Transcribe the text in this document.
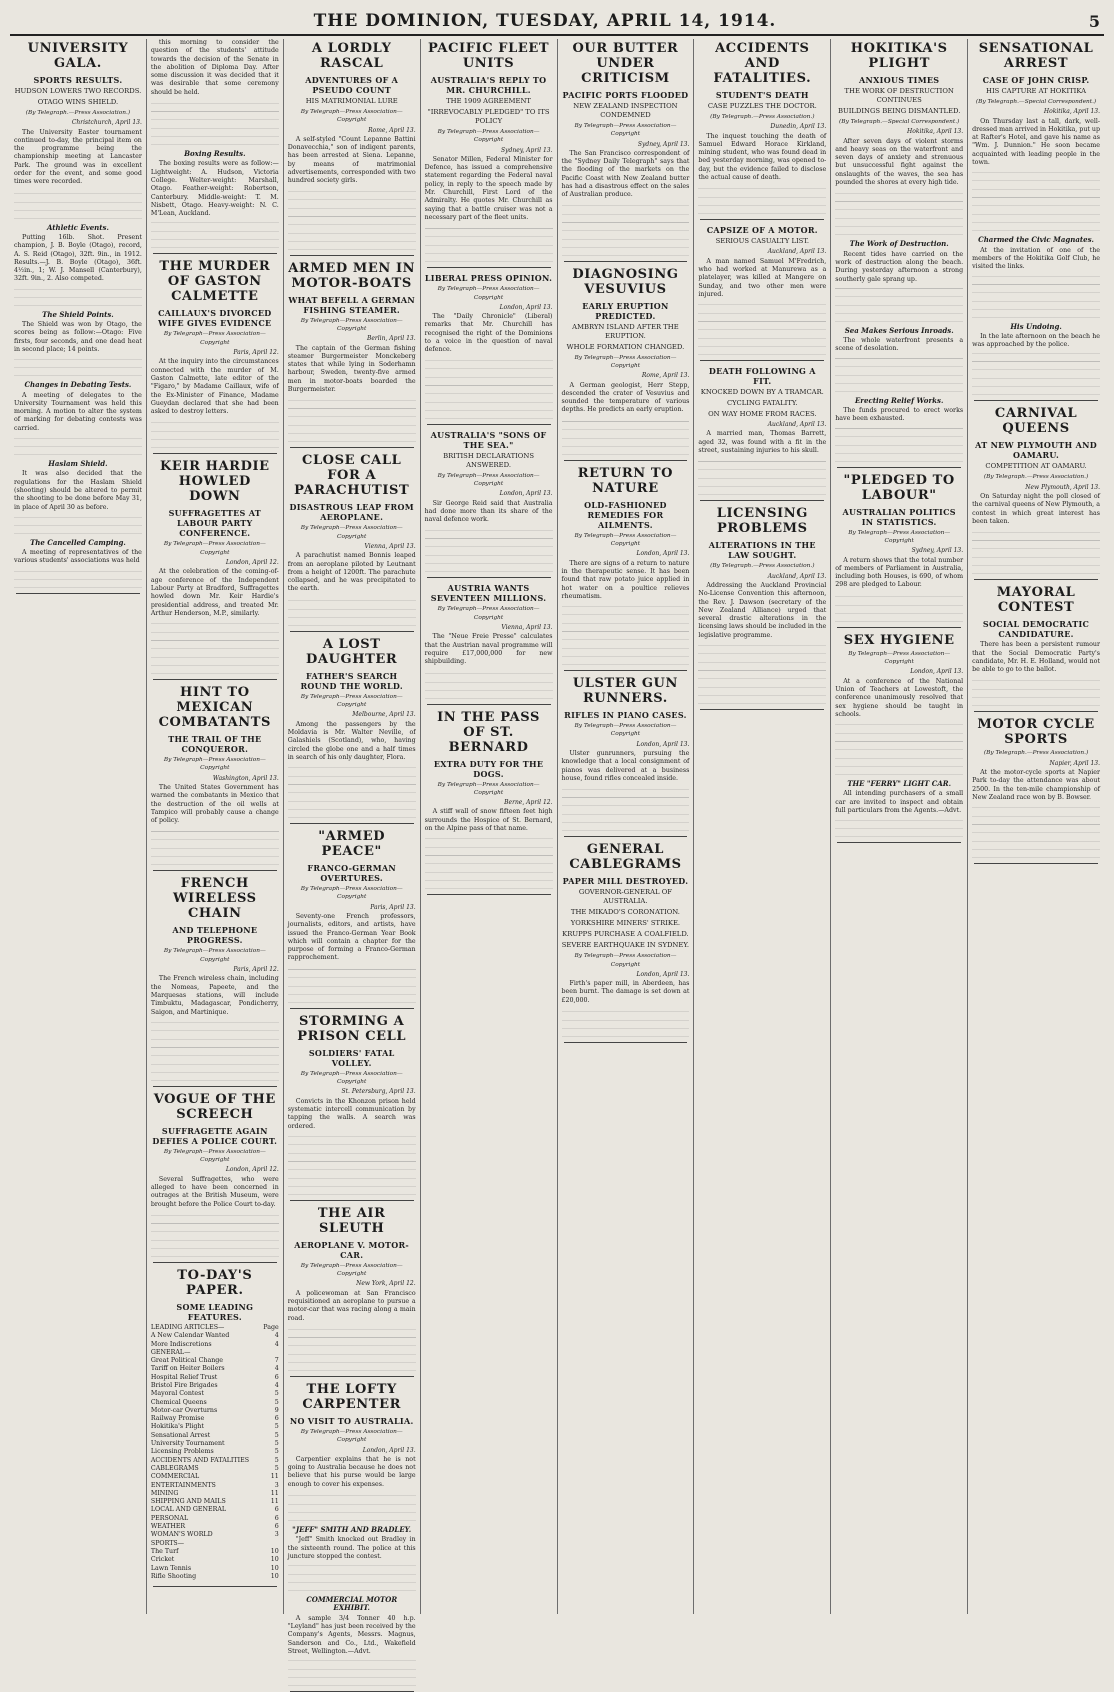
THE DOMINION, TUESDAY, APRIL 14, 1914.	5
UNIVERSITY GALA.
SPORTS RESULTS.
HUDSON LOWERS TWO RECORDS.
OTAGO WINS SHIELD.
(By Telegraph.—Press Association.)
Christchurch, April 13.

The University Easter tournament continued to-day, the principal item on the programme being the championship meeting at Lancaster Park. The ground was in excellent order for the event, and some good times were recorded.

Athletic Events.

Putting 16lb. Shot. Present champion, J. B. Boyle (Otago), record, A. S. Reid (Otago), 32ft. 9in., in 1912. Results.—J. B. Boyle (Otago), 36ft. 4½in., 1; W. J. Mansell (Canterbury), 32ft. 9in., 2. Also competed.

The Shield Points.

The Shield was won by Otago, the scores being as follow:—Otago: Five firsts, four seconds, and one dead heat in second place; 14 points.

Changes in Debating Tests.

A meeting of delegates to the University Tournament was held this morning. A motion to alter the system of marking for debating contests was carried.

Haslam Shield.

It was also decided that the regulations for the Haslam Shield (shooting) should be altered to permit the shooting to be done before May 31, in place of April 30 as before.

The Cancelled Camping.

A meeting of representatives of the various students' associations was held

this morning to consider the question of the students' attitude towards the decision of the Senate in the abolition of Diploma Day. After some discussion it was decided that it was desirable that some ceremony should be held.

Boxing Results.

The boxing results were as follow:—Lightweight: A. Hudson, Victoria College. Welter-weight: Marshall, Otago. Feather-weight: Robertson, Canterbury. Middle-weight: T. M. Nisbett, Otago. Heavy-weight: N. C. M'Lean, Auckland.

THE MURDER OF GASTON CALMETTE
CAILLAUX'S DIVORCED WIFE GIVES EVIDENCE
By Telegraph—Press Association—Copyright
Paris, April 12.

At the inquiry into the circumstances connected with the murder of M. Gaston Calmette, late editor of the "Figaro," by Madame Caillaux, wife of the Ex-Minister of Finance, Madame Gueydan declared that she had been asked to destroy letters.

KEIR HARDIE HOWLED DOWN
SUFFRAGETTES AT LABOUR PARTY CONFERENCE.
By Telegraph—Press Association—Copyright
London, April 12.

At the celebration of the coming-of-age conference of the Independent Labour Party at Bradford, Suffragettes howled down Mr. Keir Hardie's presidential address, and treated Mr. Arthur Henderson, M.P., similarly.

HINT TO MEXICAN COMBATANTS
THE TRAIL OF THE CONQUEROR.
By Telegraph—Press Association—Copyright
Washington, April 13.

The United States Government has warned the combatants in Mexico that the destruction of the oil wells at Tampico will probably cause a change of policy.

FRENCH WIRELESS CHAIN
AND TELEPHONE PROGRESS.
By Telegraph—Press Association—Copyright
Paris, April 12.

The French wireless chain, including the Nomeas, Papeete, and the Marquesas stations, will include Timbuktu, Madagascar, Pondicherry, Saigon, and Martinique.

VOGUE OF THE SCREECH
SUFFRAGETTE AGAIN DEFIES A POLICE COURT.
By Telegraph—Press Association—Copyright
London, April 12.

Several Suffragettes, who were alleged to have been concerned in outrages at the British Museum, were brought before the Police Court to-day.

TO-DAY'S PAPER.
SOME LEADING FEATURES.
LEADING ARTICLES—	Page
A New Calendar Wanted	4
More Indiscretions	4
GENERAL—
Great Political Change	7
Tariff on Heiter Boilers	4
Hospital Relief Trust	6
Bristol Fire Brigades	4
Mayoral Contest	5
Chemical Queens	5
Motor-car Overturns	9
Railway Promise	6
Hokitika's Plight	5
Sensational Arrest	5
University Tournament	5
Licensing Problems	5
ACCIDENTS AND FATALITIES	5
CABLEGRAMS	5
COMMERCIAL	11
ENTERTAINMENTS	3
MINING	11
SHIPPING AND MAILS	11
LOCAL AND GENERAL	6
PERSONAL	6
WEATHER	6
WOMAN'S WORLD	3
SPORTS—
The Turf	10
Cricket	10
Lawn Tennis	10
Rifle Shooting	10
A LORDLY RASCAL
ADVENTURES OF A PSEUDO COUNT
HIS MATRIMONIAL LURE
By Telegraph—Press Association—Copyright
Rome, April 13.

A self-styled "Count Lepanne Battini Donavecchia," son of indigent parents, has been arrested at Siena. Lepanne, by means of matrimonial advertisements, corresponded with two hundred society girls.

ARMED MEN IN MOTOR-BOATS
WHAT BEFELL A GERMAN FISHING STEAMER.
By Telegraph—Press Association—Copyright
Berlin, April 13.

The captain of the German fishing steamer Burgermeister Monckeberg states that while lying in Soderhamn harbour, Sweden, twenty-five armed men in motor-boats boarded the Burgermeister.

CLOSE CALL FOR A PARACHUTIST
DISASTROUS LEAP FROM AEROPLANE.
By Telegraph—Press Association—Copyright
Vienna, April 13.

A parachutist named Bonnis leaped from an aeroplane piloted by Leutnant from a height of 1200ft. The parachute collapsed, and he was precipitated to the earth.

A LOST DAUGHTER
FATHER'S SEARCH ROUND THE WORLD.
By Telegraph—Press Association—Copyright
Melbourne, April 13.

Among the passengers by the Moldavia is Mr. Walter Neville, of Galashiels (Scotland), who, having circled the globe one and a half times in search of his only daughter, Flora.

"ARMED PEACE"
FRANCO-GERMAN OVERTURES.
By Telegraph—Press Association—Copyright
Paris, April 13.

Seventy-one French professors, journalists, editors, and artists, have issued the Franco-German Year Book which will contain a chapter for the purpose of forming a Franco-German rapprochement.

STORMING A PRISON CELL
SOLDIERS' FATAL VOLLEY.
By Telegraph—Press Association—Copyright
St. Petersburg, April 13.

Convicts in the Khonzon prison held systematic intercell communication by tapping the walls. A search was ordered.

THE AIR SLEUTH
AEROPLANE V. MOTOR-CAR.
By Telegraph—Press Association—Copyright
New York, April 12.

A policewoman at San Francisco requisitioned an aeroplane to pursue a motor-car that was racing along a main road.

THE LOFTY CARPENTER
NO VISIT TO AUSTRALIA.
By Telegraph—Press Association—Copyright
London, April 13.

Carpentier explains that he is not going to Australia because he does not believe that his purse would be large enough to cover his expenses.

"JEFF" SMITH AND BRADLEY.

"Jeff" Smith knocked out Bradley in the sixteenth round. The police at this juncture stopped the contest.

COMMERCIAL MOTOR EXHIBIT.

A sample 3/4 Tonner 40 h.p. "Leyland" has just been received by the Company's Agents, Messrs. Magnus, Sanderson and Co., Ltd., Wakefield Street, Wellington.—Advt.

PACIFIC FLEET UNITS
AUSTRALIA'S REPLY TO MR. CHURCHILL.
THE 1909 AGREEMENT
"IRREVOCABLY PLEDGED" TO ITS POLICY
By Telegraph—Press Association—Copyright
Sydney, April 13.

Senator Millen, Federal Minister for Defence, has issued a comprehensive statement regarding the Federal naval policy, in reply to the speech made by Mr. Churchill, First Lord of the Admiralty. He quotes Mr. Churchill as saying that a battle cruiser was not a necessary part of the fleet units.

LIBERAL PRESS OPINION.
By Telegraph—Press Association—Copyright
London, April 13.

The "Daily Chronicle" (Liberal) remarks that Mr. Churchill has recognised the right of the Dominions to a voice in the question of naval defence.

AUSTRALIA'S "SONS OF THE SEA."
BRITISH DECLARATIONS ANSWERED.
By Telegraph—Press Association—Copyright
London, April 13.

Sir George Reid said that Australia had done more than its share of the naval defence work.

AUSTRIA WANTS SEVENTEEN MILLIONS.
By Telegraph—Press Association—Copyright
Vienna, April 13.

The "Neue Freie Presse" calculates that the Austrian naval programme will require £17,000,000 for new shipbuilding.

IN THE PASS OF ST. BERNARD
EXTRA DUTY FOR THE DOGS.
By Telegraph—Press Association—Copyright
Berne, April 12.

A stiff wall of snow fifteen feet high surrounds the Hospice of St. Bernard, on the Alpine pass of that name.

OUR BUTTER UNDER CRITICISM
PACIFIC PORTS FLOODED
NEW ZEALAND INSPECTION CONDEMNED
By Telegraph—Press Association—Copyright
Sydney, April 13.

The San Francisco correspondent of the "Sydney Daily Telegraph" says that the flooding of the markets on the Pacific Coast with New Zealand butter has had a disastrous effect on the sales of Australian produce.

DIAGNOSING VESUVIUS
EARLY ERUPTION PREDICTED.
AMBRYN ISLAND AFTER THE ERUPTION.
WHOLE FORMATION CHANGED.
By Telegraph—Press Association—Copyright
Rome, April 13.

A German geologist, Herr Stepp, descended the crater of Vesuvius and sounded the temperature of various depths. He predicts an early eruption.

RETURN TO NATURE
OLD-FASHIONED REMEDIES FOR AILMENTS.
By Telegraph—Press Association—Copyright
London, April 13.

There are signs of a return to nature in the therapeutic sense. It has been found that raw potato juice applied in hot water on a poultice relieves rheumatism.

ULSTER GUN RUNNERS.
RIFLES IN PIANO CASES.
By Telegraph—Press Association—Copyright
London, April 13.

Ulster gunrunners, pursuing the knowledge that a local consignment of pianos was delivered at a business house, found rifles concealed inside.

GENERAL CABLEGRAMS
PAPER MILL DESTROYED.
GOVERNOR-GENERAL OF AUSTRALIA.
THE MIKADO'S CORONATION.
YORKSHIRE MINERS' STRIKE.
KRUPPS PURCHASE A COALFIELD.
SEVERE EARTHQUAKE IN SYDNEY.
By Telegraph—Press Association—Copyright
London, April 13.

Firth's paper mill, in Aberdeen, has been burnt. The damage is set down at £20,000.

ACCIDENTS AND FATALITIES.
STUDENT'S DEATH
CASE PUZZLES THE DOCTOR.
(By Telegraph.—Press Association.)
Dunedin, April 13.

The inquest touching the death of Samuel Edward Horace Kirkland, mining student, who was found dead in bed yesterday morning, was opened to-day, but the evidence failed to disclose the actual cause of death.

CAPSIZE OF A MOTOR.
SERIOUS CASUALTY LIST.
Auckland, April 13.

A man named Samuel M'Fredrich, who had worked at Manurewa as a platelayer, was killed at Mangere on Sunday, and two other men were injured.

DEATH FOLLOWING A FIT.
KNOCKED DOWN BY A TRAMCAR.
CYCLING FATALITY.
ON WAY HOME FROM RACES.
Auckland, April 13.

A married man, Thomas Barrett, aged 32, was found with a fit in the street, sustaining injuries to his skull.

LICENSING PROBLEMS
ALTERATIONS IN THE LAW SOUGHT.
(By Telegraph.—Press Association.)
Auckland, April 13.

Addressing the Auckland Provincial No-License Convention this afternoon, the Rev. J. Dawson (secretary of the New Zealand Alliance) urged that several drastic alterations in the licensing laws should be included in the legislative programme.

HOKITIKA'S PLIGHT
ANXIOUS TIMES
THE WORK OF DESTRUCTION CONTINUES
BUILDINGS BEING DISMANTLED.
(By Telegraph.—Special Correspondent.)
Hokitika, April 13.

After seven days of violent storms and heavy seas on the waterfront and seven days of anxiety and strenuous but unsuccessful fight against the onslaughts of the waves, the sea has pounded the shores at every high tide.

The Work of Destruction.

Recent tides have carried on the work of destruction along the beach. During yesterday afternoon a strong southerly gale sprang up.

Sea Makes Serious Inroads.

The whole waterfront presents a scene of desolation.

Erecting Relief Works.

The funds procured to erect works have been exhausted.

"PLEDGED TO LABOUR"
AUSTRALIAN POLITICS IN STATISTICS.
By Telegraph—Press Association—Copyright
Sydney, April 13.

A return shows that the total number of members of Parliament in Australia, including both Houses, is 690, of whom 298 are pledged to Labour.

SEX HYGIENE
By Telegraph—Press Association—Copyright
London, April 13.

At a conference of the National Union of Teachers at Lowestoft, the conference unanimously resolved that sex hygiene should be taught in schools.

THE "FERRY" LIGHT CAR.

All intending purchasers of a small car are invited to inspect and obtain full particulars from the Agents.—Advt.

SENSATIONAL ARREST
CASE OF JOHN CRISP.
HIS CAPTURE AT HOKITIKA
(By Telegraph.—Special Correspondent.)
Hokitika, April 13.

On Thursday last a tall, dark, well-dressed man arrived in Hokitika, put up at Rafter's Hotel, and gave his name as "Wm. J. Dunnion." He soon became acquainted with leading people in the town.

Charmed the Civic Magnates.

At the invitation of one of the members of the Hokitika Golf Club, he visited the links.

His Undoing.

In the late afternoon on the beach he was approached by the police.

CARNIVAL QUEENS
AT NEW PLYMOUTH AND OAMARU.
COMPETITION AT OAMARU.
(By Telegraph.—Press Association.)
New Plymouth, April 13.

On Saturday night the poll closed of the carnival queens of New Plymouth, a contest in which great interest has been taken.

MAYORAL CONTEST
SOCIAL DEMOCRATIC CANDIDATURE.

There has been a persistent rumour that the Social Democratic Party's candidate, Mr. H. E. Holland, would not be able to go to the ballot.

MOTOR CYCLE SPORTS
(By Telegraph.—Press Association.)
Napier, April 13.

At the motor-cycle sports at Napier Park to-day the attendance was about 2500. In the ten-mile championship of New Zealand race won by B. Bowser.
